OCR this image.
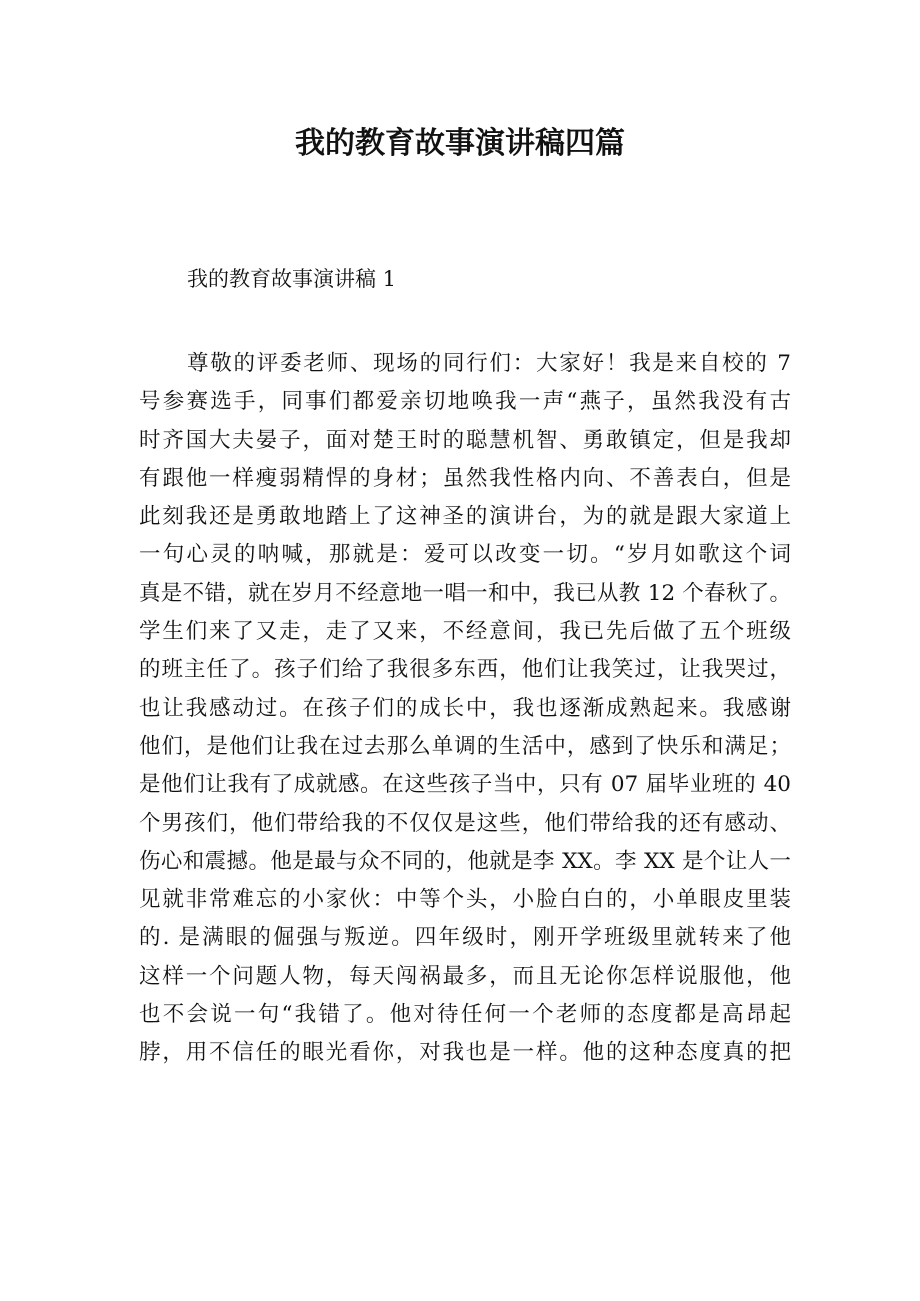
我的教育故事演讲稿四篇

我的教育故事演讲稿 1

尊敬的评委老师、现场的同行们：大家好！我是来自校的 7
号参赛选手，同事们都爱亲切地唤我一声“燕子，虽然我没有古
时齐国大夫晏子，面对楚王时的聪慧机智、勇敢镇定，但是我却
有跟他一样瘦弱精悍的身材；虽然我性格内向、不善表白，但是
此刻我还是勇敢地踏上了这神圣的演讲台，为的就是跟大家道上
一句心灵的呐喊，那就是：爱可以改变一切。“岁月如歌这个词
真是不错，就在岁月不经意地一唱一和中，我已从教 12 个春秋了。
学生们来了又走，走了又来，不经意间，我已先后做了五个班级
的班主任了。孩子们给了我很多东西，他们让我笑过，让我哭过，
也让我感动过。在孩子们的成长中，我也逐渐成熟起来。我感谢
他们，是他们让我在过去那么单调的生活中，感到了快乐和满足；
是他们让我有了成就感。在这些孩子当中，只有 07 届毕业班的 40
个男孩们，他们带给我的不仅仅是这些，他们带给我的还有感动、
伤心和震撼。他是最与众不同的，他就是李 XX。李 XX 是个让人一
见就非常难忘的小家伙：中等个头，小脸白白的，小单眼皮里装
的. 是满眼的倔强与叛逆。四年级时，刚开学班级里就转来了他
这样一个问题人物，每天闯祸最多，而且无论你怎样说服他，他
也不会说一句“我错了。他对待任何一个老师的态度都是高昂起
脖，用不信任的眼光看你，对我也是一样。他的这种态度真的把
